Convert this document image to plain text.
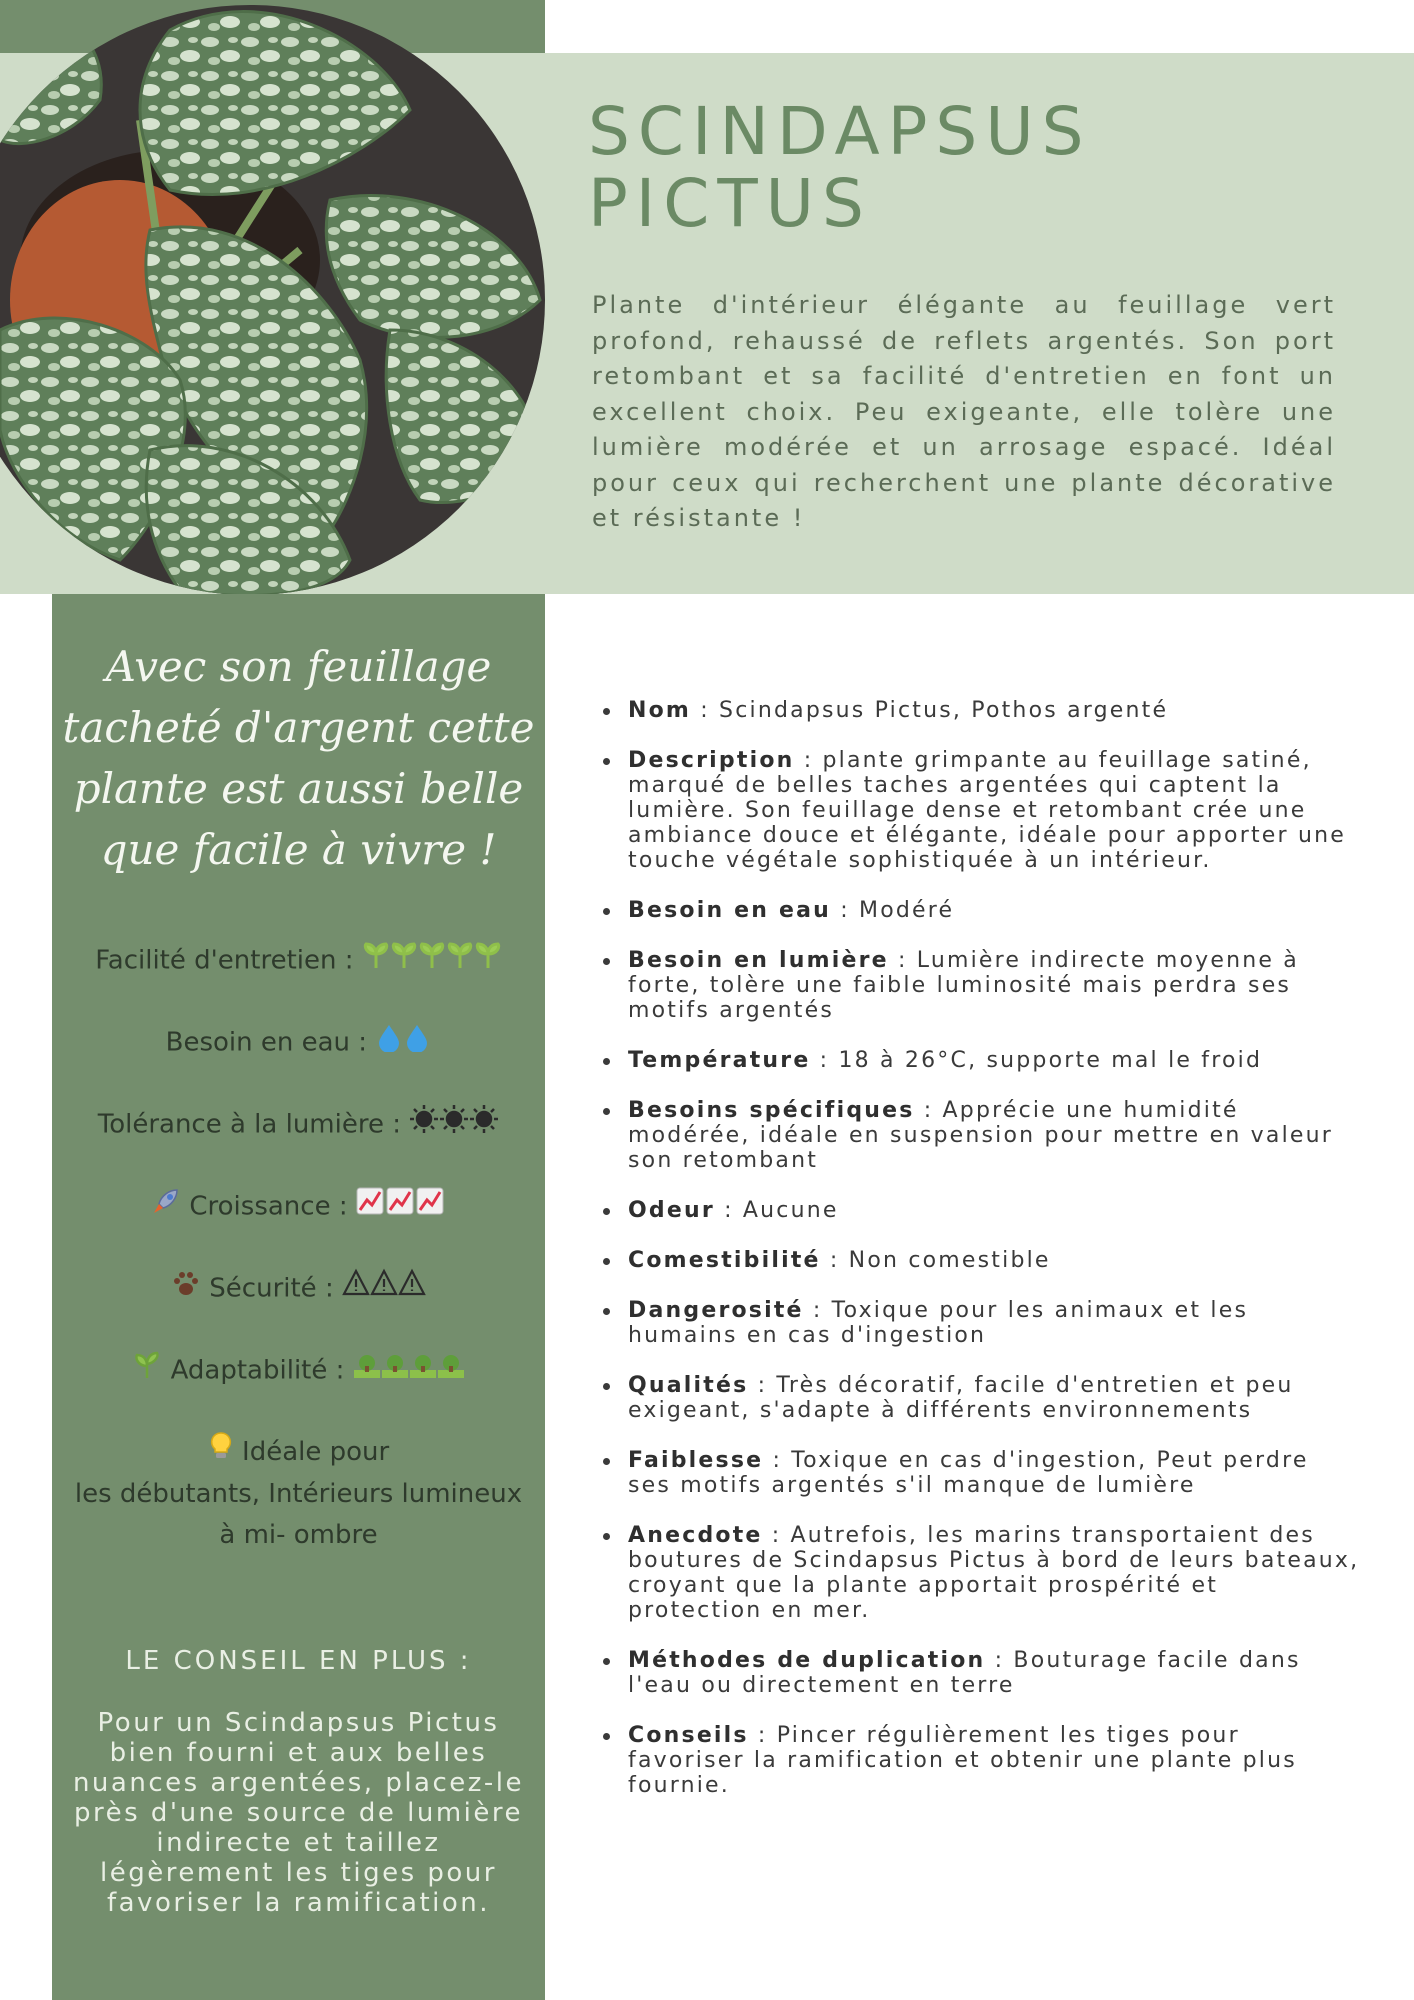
SCINDAPSUS
PICTUS

Plante d'intérieur élégante au feuillage vert profond, rehaussé de reflets argentés. Son port retombant et sa facilité d'entretien en font un excellent choix. Peu exigeante, elle tolère une lumière modérée et un arrosage espacé. Idéal pour ceux qui recherchent une plante décorative et résistante !

Avec son feuillage tacheté d'argent cette plante est aussi belle que facile à vivre !

Facilité d'entretien :
Besoin en eau :
Tolérance à la lumière :
Croissance :
Sécurité :
Adaptabilité :
Idéale pour
les débutants, Intérieurs lumineux
à mi- ombre
LE CONSEIL EN PLUS :

Pour un Scindapsus Pictus bien fourni et aux belles nuances argentées, placez-le près d'une source de lumière indirecte et taillez légèrement les tiges pour favoriser la ramification.

Nom : Scindapsus Pictus, Pothos argenté
Description : plante grimpante au feuillage satiné, marqué de belles taches argentées qui captent la lumière. Son feuillage dense et retombant crée une ambiance douce et élégante, idéale pour apporter une touche végétale sophistiquée à un intérieur.
Besoin en eau : Modéré
Besoin en lumière : Lumière indirecte moyenne à forte, tolère une faible luminosité mais perdra ses motifs argentés
Température : 18 à 26°C, supporte mal le froid
Besoins spécifiques : Apprécie une humidité modérée, idéale en suspension pour mettre en valeur son retombant
Odeur : Aucune
Comestibilité : Non comestible
Dangerosité : Toxique pour les animaux et les humains en cas d'ingestion
Qualités : Très décoratif, facile d'entretien et peu exigeant, s'adapte à différents environnements
Faiblesse : Toxique en cas d'ingestion, Peut perdre ses motifs argentés s'il manque de lumière
Anecdote : Autrefois, les marins transportaient des boutures de Scindapsus Pictus à bord de leurs bateaux, croyant que la plante apportait prospérité et protection en mer.
Méthodes de duplication : Bouturage facile dans l'eau ou directement en terre
Conseils : Pincer régulièrement les tiges pour favoriser la ramification et obtenir une plante plus fournie.
